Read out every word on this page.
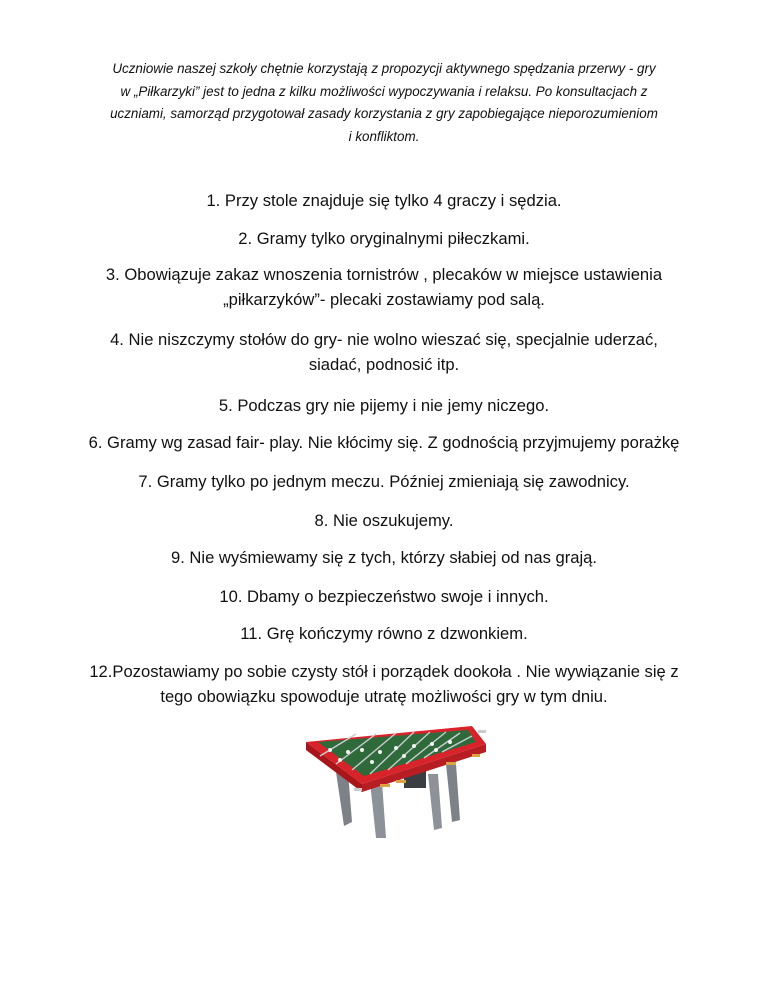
Uczniowie naszej szkoły chętnie korzystają z propozycji aktywnego spędzania przerwy - gry
w „Piłkarzyki” jest to jedna z kilku możliwości wypoczywania i relaksu. Po konsultacjach z
uczniami, samorząd przygotował zasady korzystania z gry zapobiegające nieporozumieniom
i konfliktom.
1. Przy stole znajduje się tylko 4 graczy i sędzia.
2. Gramy tylko oryginalnymi piłeczkami.
3. Obowiązuje zakaz wnoszenia tornistrów , plecaków w miejsce ustawienia
„piłkarzyków”- plecaki zostawiamy pod salą.
4. Nie niszczymy stołów do gry- nie wolno wieszać się, specjalnie uderzać,
siadać, podnosić itp.
5. Podczas gry nie pijemy i nie jemy niczego.
6. Gramy wg zasad fair- play. Nie kłócimy się. Z godnością przyjmujemy porażkę
7. Gramy tylko po jednym meczu. Później zmieniają się zawodnicy.
8. Nie oszukujemy.
9. Nie wyśmiewamy się z tych, którzy słabiej od nas grają.
10. Dbamy o bezpieczeństwo swoje i innych.
11. Grę kończymy równo z dzwonkiem.
12.Pozostawiamy po sobie czysty stół i porządek dookoła . Nie wywiązanie się z
tego obowiązku spowoduje utratę możliwości gry w tym dniu.
